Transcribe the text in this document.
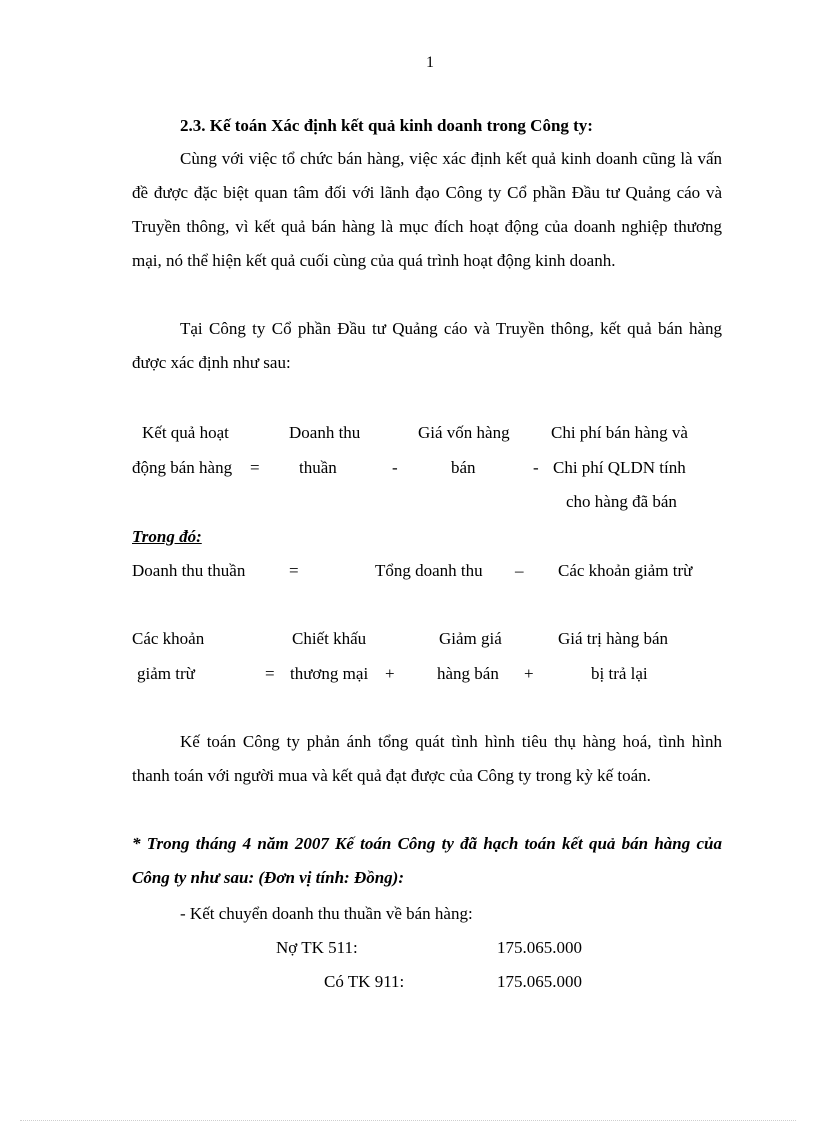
1
2.3. Kế toán Xác định kết quả kinh doanh trong Công ty:
Cùng với việc tổ chức bán hàng, việc xác định kết quả kinh doanh cũng là vấn đề được đặc biệt quan tâm đối với lãnh đạo Công ty Cổ phần Đầu tư Quảng cáo và Truyền thông, vì kết quả bán hàng là mục đích hoạt động của doanh nghiệp thương mại, nó thể hiện kết quả cuối cùng của quá trình hoạt động kinh doanh.
Tại Công ty Cổ phần Đầu tư Quảng cáo và Truyền thông, kết quả bán hàng được xác định như sau:
Kết quả hoạt
động bán hàng =
Doanh thu
thuần	-
Giá vốn hàng
bán	-
Chi phí bán hàng và
Chi phí QLDN tính
cho hàng đã bán
Trong đó:
Doanh thu thuần	=	Tổng doanh thu – Các khoản giảm trừ
Các khoản
giảm trừ	=
Chiết khấu
thương mại +
Giảm giá
hàng bán +
Giá trị hàng bán
bị trả lại
Kế toán Công ty phản ánh tổng quát tình hình tiêu thụ hàng hoá, tình hình thanh toán với người mua và kết quả đạt được của Công ty trong kỳ kế toán.
* Trong tháng 4 năm 2007 Kế toán Công ty đã hạch toán kết quả bán hàng của Công ty như sau: (Đơn vị tính: Đồng):
- Kết chuyển doanh thu thuần về bán hàng:
Nợ TK 511:	175.065.000
Có TK 911:	175.065.000
